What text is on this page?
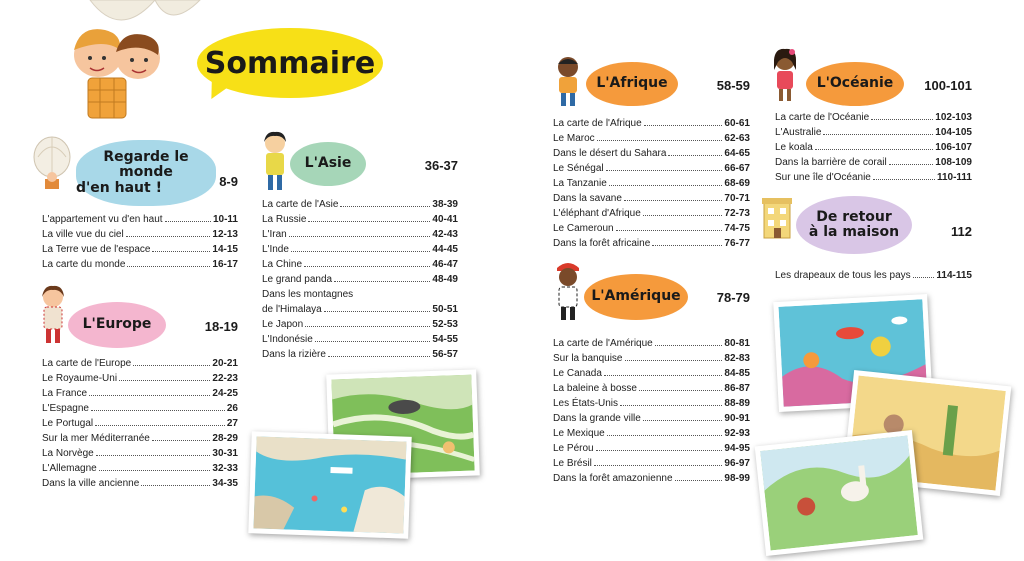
Sommaire
Regarde le monde
d'en haut !	8-9
L'appartement vu d'en haut	10-11
La ville vue du ciel	12-13
La Terre vue de l'espace	14-15
La carte du monde	16-17
L'Europe	18-19
La carte de l'Europe	20-21
Le Royaume-Uni	22-23
La France	24-25
L'Espagne	26
Le Portugal	27
Sur la mer Méditerranée	28-29
La Norvège	30-31
L'Allemagne	32-33
Dans la ville ancienne	34-35
L'Asie	36-37
La carte de l'Asie	38-39
La Russie	40-41
L'Iran	42-43
L'Inde	44-45
La Chine	46-47
Le grand panda	48-49
Dans les montagnes
de l'Himalaya	50-51
Le Japon	52-53
L'Indonésie	54-55
Dans la rizière	56-57
L'Afrique	58-59
La carte de l'Afrique	60-61
Le Maroc	62-63
Dans le désert du Sahara	64-65
Le Sénégal	66-67
La Tanzanie	68-69
Dans la savane	70-71
L'éléphant d'Afrique	72-73
Le Cameroun	74-75
Dans la forêt africaine	76-77
L'Amérique	78-79
La carte de l'Amérique	80-81
Sur la banquise	82-83
Le Canada	84-85
La baleine à bosse	86-87
Les États-Unis	88-89
Dans la grande ville	90-91
Le Mexique	92-93
Le Pérou	94-95
Le Brésil	96-97
Dans la forêt amazonienne	98-99
L'Océanie	100-101
La carte de l'Océanie	102-103
L'Australie	104-105
Le koala	106-107
Dans la barrière de corail	108-109
Sur une île d'Océanie	110-111
De retour
à la maison	112
Les drapeaux de tous les pays	114-115
